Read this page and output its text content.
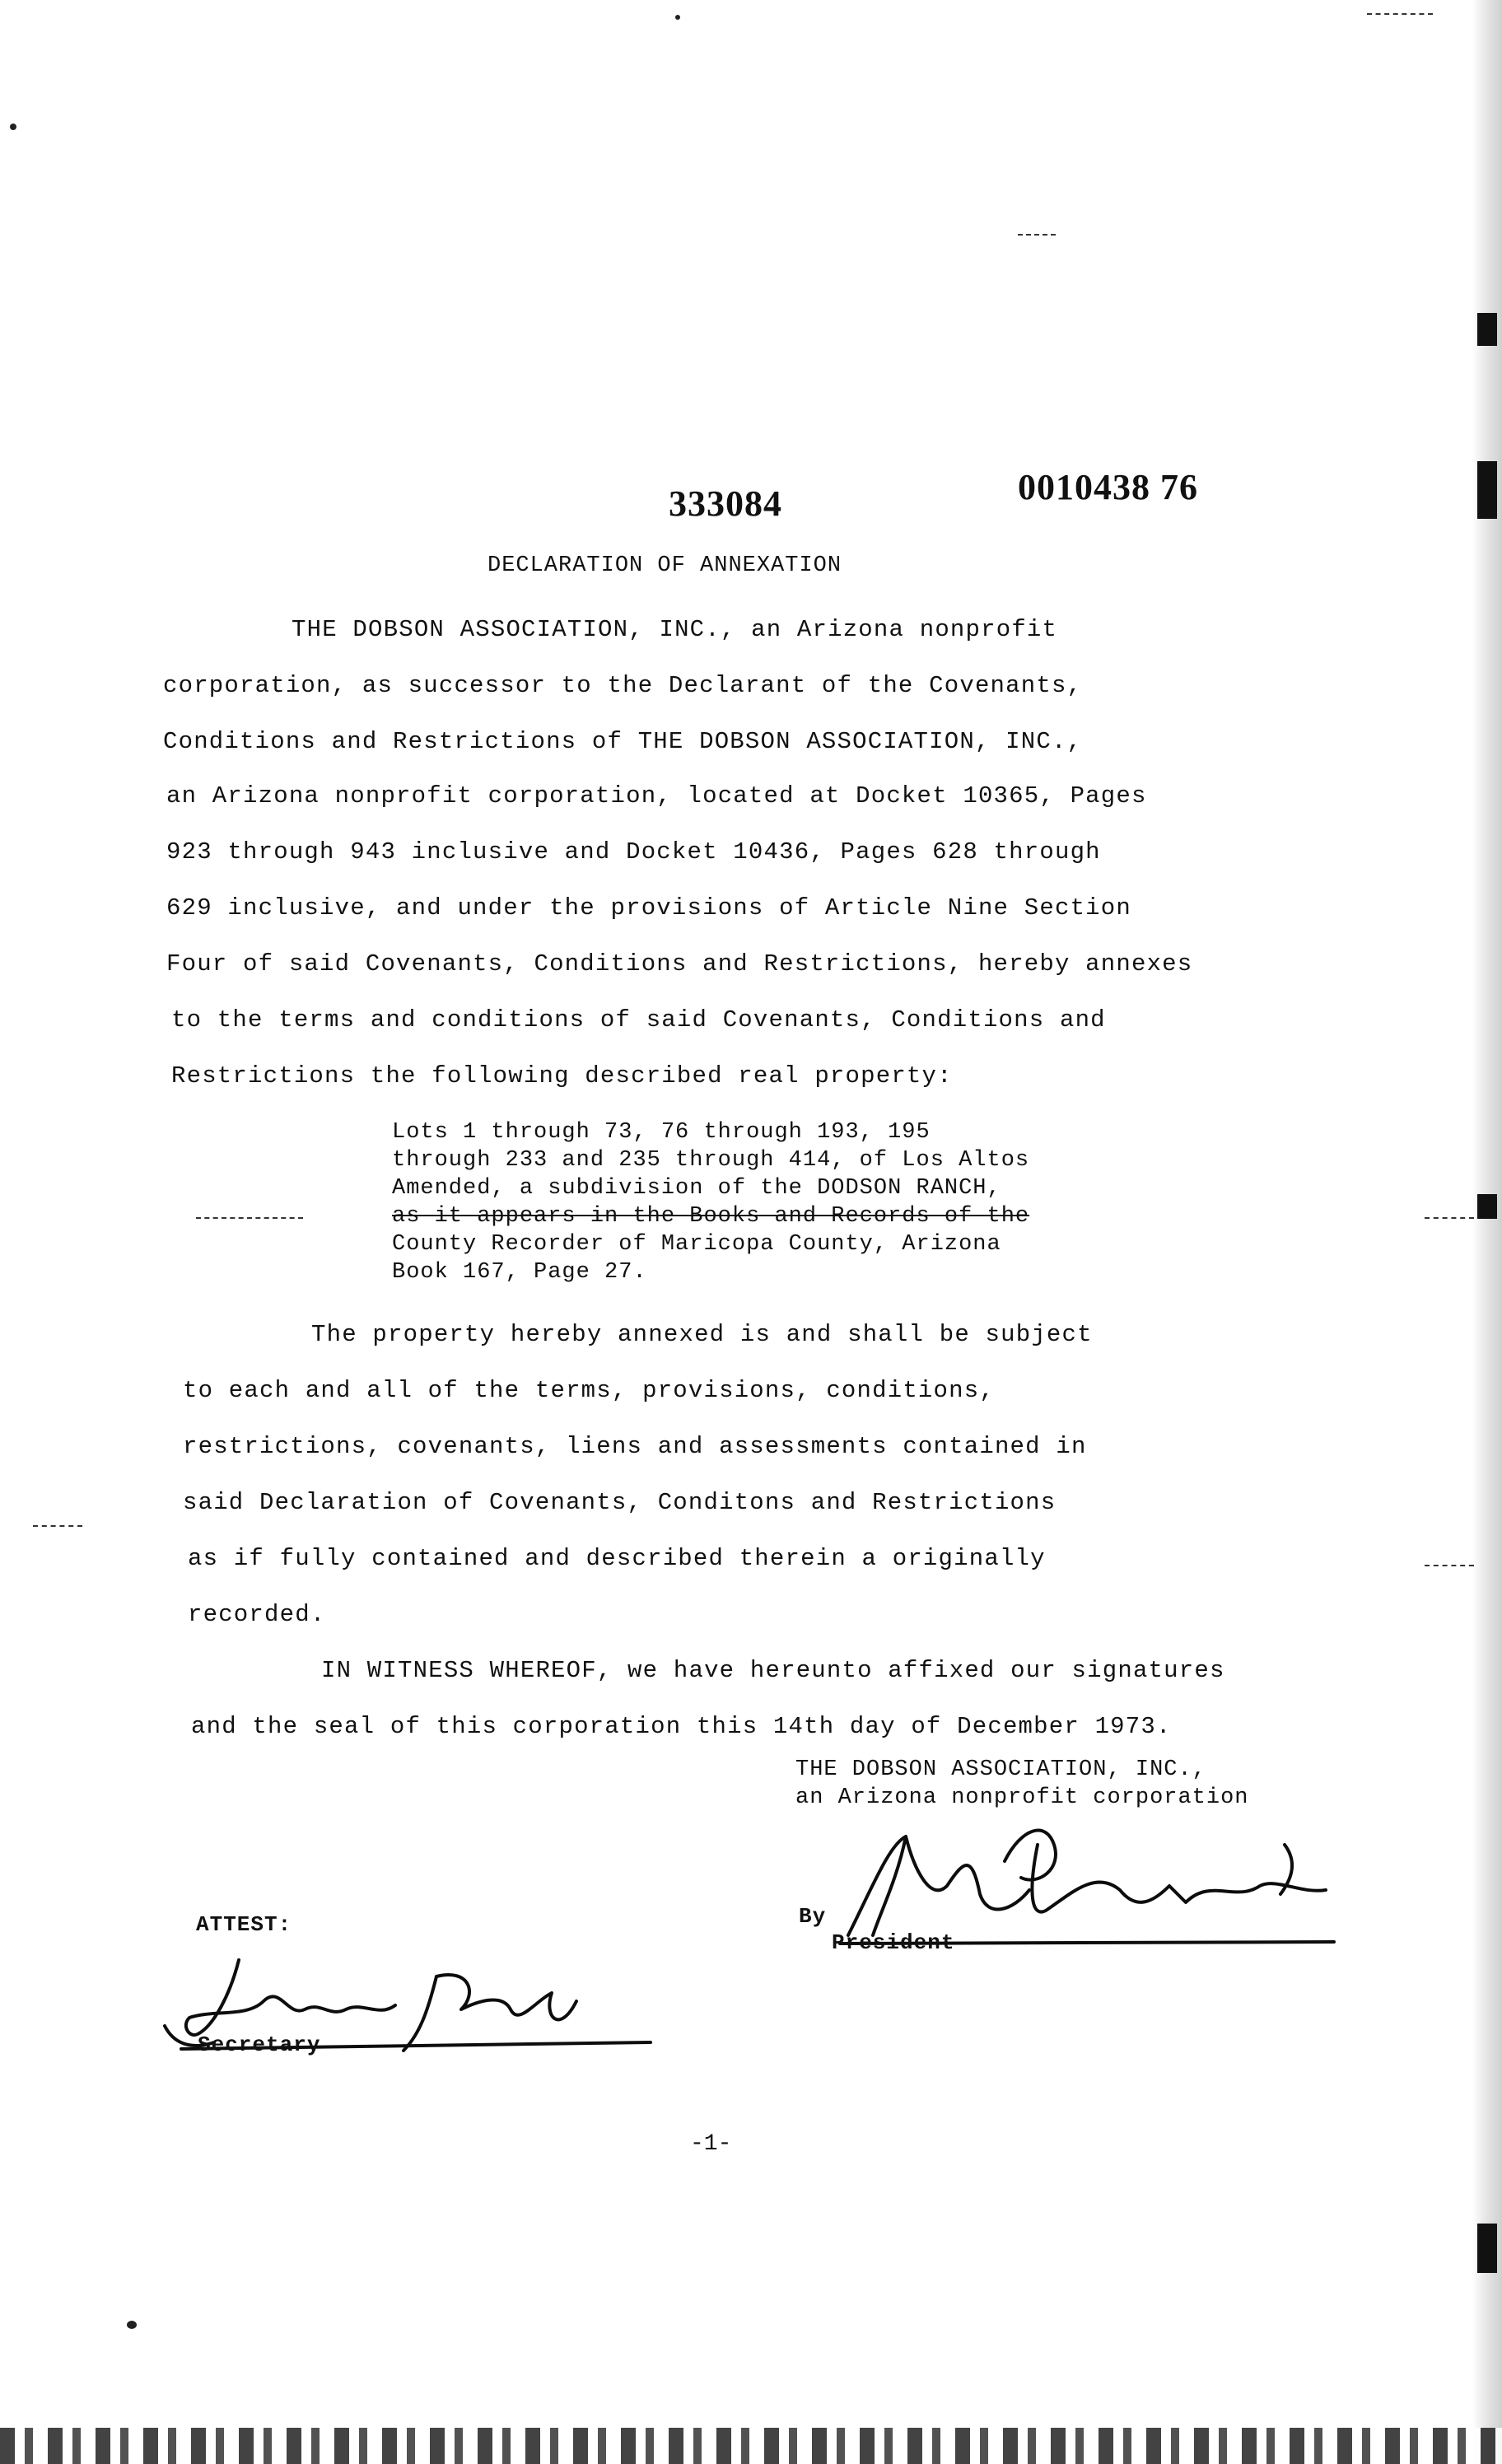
333084	0010438 76
DECLARATION OF ANNEXATION
THE DOBSON ASSOCIATION, INC., an Arizona nonprofit
corporation, as successor to the Declarant of the Covenants,
Conditions and Restrictions of THE DOBSON ASSOCIATION, INC.,
an Arizona nonprofit corporation, located at Docket 10365, Pages
923 through 943 inclusive and Docket 10436, Pages 628 through
629 inclusive, and under the provisions of Article Nine Section
Four of said Covenants, Conditions and Restrictions, hereby annexes
to the terms and conditions of said Covenants, Conditions and
Restrictions the following described real property:
Lots 1 through 73, 76 through 193, 195
through 233 and 235 through 414, of Los Altos
Amended, a subdivision of the DODSON RANCH,
as it appears in the Books and Records of the
County Recorder of Maricopa County, Arizona
Book 167, Page 27.
The property hereby annexed is and shall be subject
to each and all of the terms, provisions, conditions,
restrictions, covenants, liens and assessments contained in
said Declaration of Covenants, Conditons and Restrictions
as if fully contained and described therein a originally
recorded.
IN WITNESS WHEREOF, we have hereunto affixed our signatures
and the seal of this corporation this 14th day of December 1973.
THE DOBSON ASSOCIATION, INC.,
an Arizona nonprofit corporation
By
President
ATTEST:
Secretary
-1-
